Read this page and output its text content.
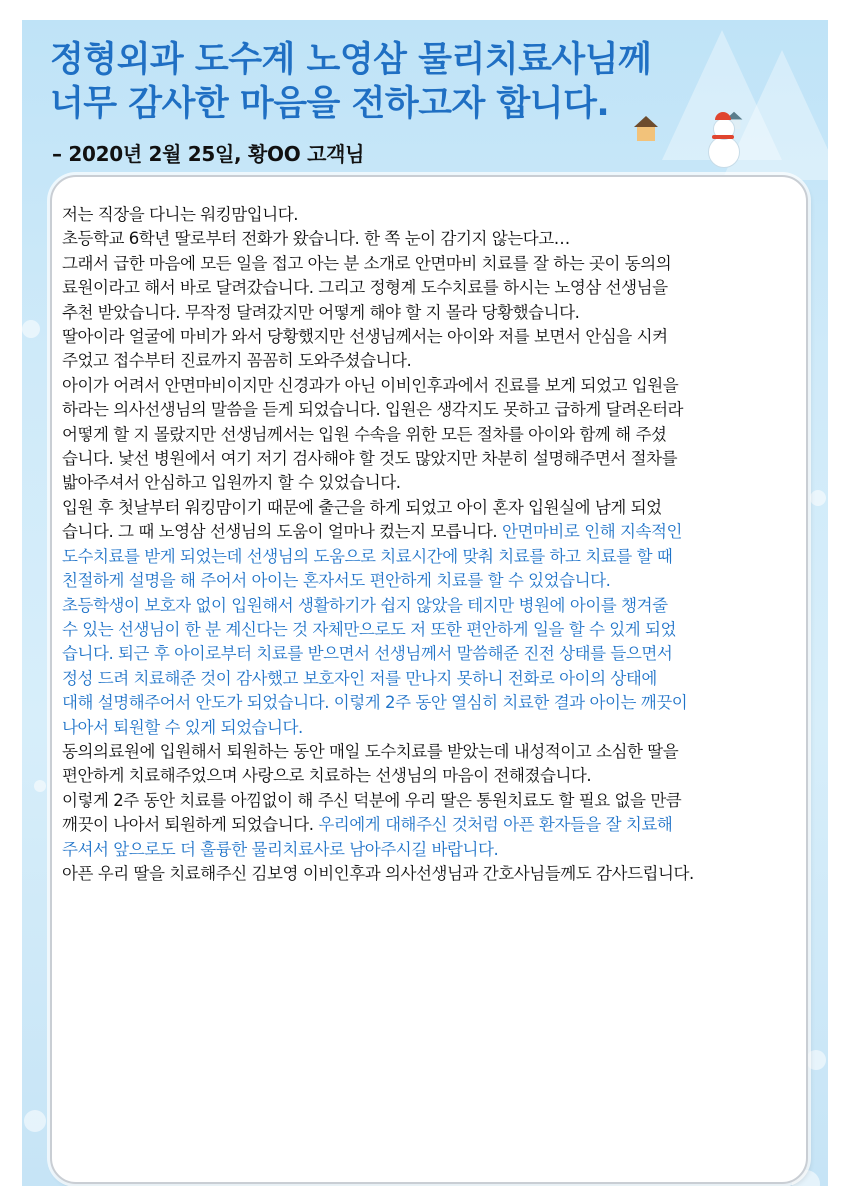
정형외과 도수계 노영삼 물리치료사님께
너무 감사한 마음을 전하고자 합니다.
– 2020년 2월 25일, 황OO 고객님
저는 직장을 다니는 워킹맘입니다.
초등학교 6학년 딸로부터 전화가 왔습니다. 한 쪽 눈이 감기지 않는다고…
그래서 급한 마음에 모든 일을 접고 아는 분 소개로 안면마비 치료를 잘 하는 곳이 동의의
료원이라고 해서 바로 달려갔습니다. 그리고 정형계 도수치료를 하시는 노영삼 선생님을
추천 받았습니다. 무작정 달려갔지만 어떻게 해야 할 지 몰라 당황했습니다.
딸아이라 얼굴에 마비가 와서 당황했지만 선생님께서는 아이와 저를 보면서 안심을 시켜
주었고 접수부터 진료까지 꼼꼼히 도와주셨습니다.
아이가 어려서 안면마비이지만 신경과가 아닌 이비인후과에서 진료를 보게 되었고 입원을
하라는 의사선생님의 말씀을 듣게 되었습니다. 입원은 생각지도 못하고 급하게 달려온터라
어떻게 할 지 몰랐지만 선생님께서는 입원 수속을 위한 모든 절차를 아이와 함께 해 주셨
습니다. 낯선 병원에서 여기 저기 검사해야 할 것도 많았지만 차분히 설명해주면서 절차를
밟아주셔서 안심하고 입원까지 할 수 있었습니다.
입원 후 첫날부터 워킹맘이기 때문에 출근을 하게 되었고 아이 혼자 입원실에 남게 되었
습니다. 그 때 노영삼 선생님의 도움이 얼마나 컸는지 모릅니다. 안면마비로 인해 지속적인
도수치료를 받게 되었는데 선생님의 도움으로 치료시간에 맞춰 치료를 하고 치료를 할 때
친절하게 설명을 해 주어서 아이는 혼자서도 편안하게 치료를 할 수 있었습니다.
초등학생이 보호자 없이 입원해서 생활하기가 쉽지 않았을 테지만 병원에 아이를 챙겨줄
수 있는 선생님이 한 분 계신다는 것 자체만으로도 저 또한 편안하게 일을 할 수 있게 되었
습니다. 퇴근 후 아이로부터 치료를 받으면서 선생님께서 말씀해준 진전 상태를 들으면서
정성 드려 치료해준 것이 감사했고 보호자인 저를 만나지 못하니 전화로 아이의 상태에
대해 설명해주어서 안도가 되었습니다. 이렇게 2주 동안 열심히 치료한 결과 아이는 깨끗이
나아서 퇴원할 수 있게 되었습니다.
동의의료원에 입원해서 퇴원하는 동안 매일 도수치료를 받았는데 내성적이고 소심한 딸을
편안하게 치료해주었으며 사랑으로 치료하는 선생님의 마음이 전해졌습니다.
이렇게 2주 동안 치료를 아낌없이 해 주신 덕분에 우리 딸은 통원치료도 할 필요 없을 만큼
깨끗이 나아서 퇴원하게 되었습니다. 우리에게 대해주신 것처럼 아픈 환자들을 잘 치료해
주셔서 앞으로도 더 훌륭한 물리치료사로 남아주시길 바랍니다.
아픈 우리 딸을 치료해주신 김보영 이비인후과 의사선생님과 간호사님들께도 감사드립니다.
